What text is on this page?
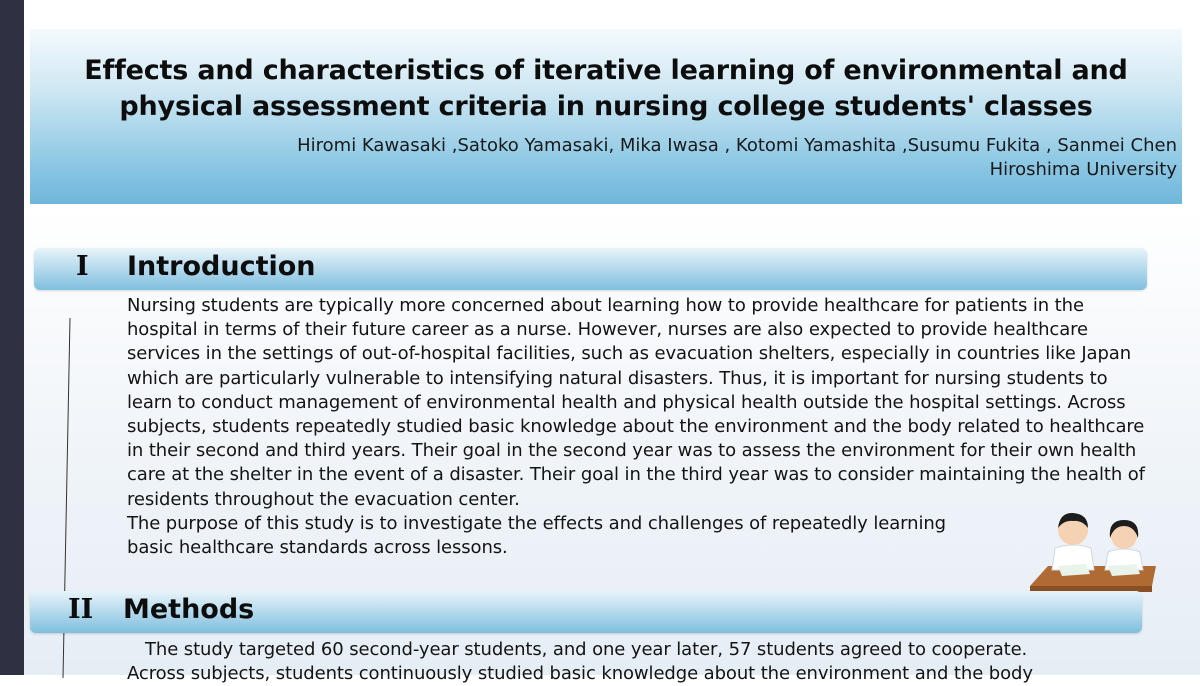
Effects and characteristics of iterative learning of environmental and
physical assessment criteria in nursing college students' classes
Hiromi Kawasaki ,Satoko Yamasaki, Mika Iwasa , Kotomi Yamashita ,Susumu Fukita , Sanmei Chen
Hiroshima University
I Introduction

Nursing students are typically more concerned about learning how to provide healthcare for patients in the hospital in terms of their future career as a nurse. However, nurses are also expected to provide healthcare services in the settings of out-of-hospital facilities, such as evacuation shelters, especially in countries like Japan which are particularly vulnerable to intensifying natural disasters. Thus, it is important for nursing students to learn to conduct management of environmental health and physical health outside the hospital settings. Across subjects, students repeatedly studied basic knowledge about the environment and the body related to healthcare in their second and third years. Their goal in the second year was to assess the environment for their own health care at the shelter in the event of a disaster. Their goal in the third year was to consider maintaining the health of residents throughout the evacuation center.

The purpose of this study is to investigate the effects and challenges of repeatedly learning
basic healthcare standards across lessons.

II Methods

The study targeted 60 second-year students, and one year later, 57 students agreed to cooperate.

Across subjects, students continuously studied basic knowledge about the environment and the body
